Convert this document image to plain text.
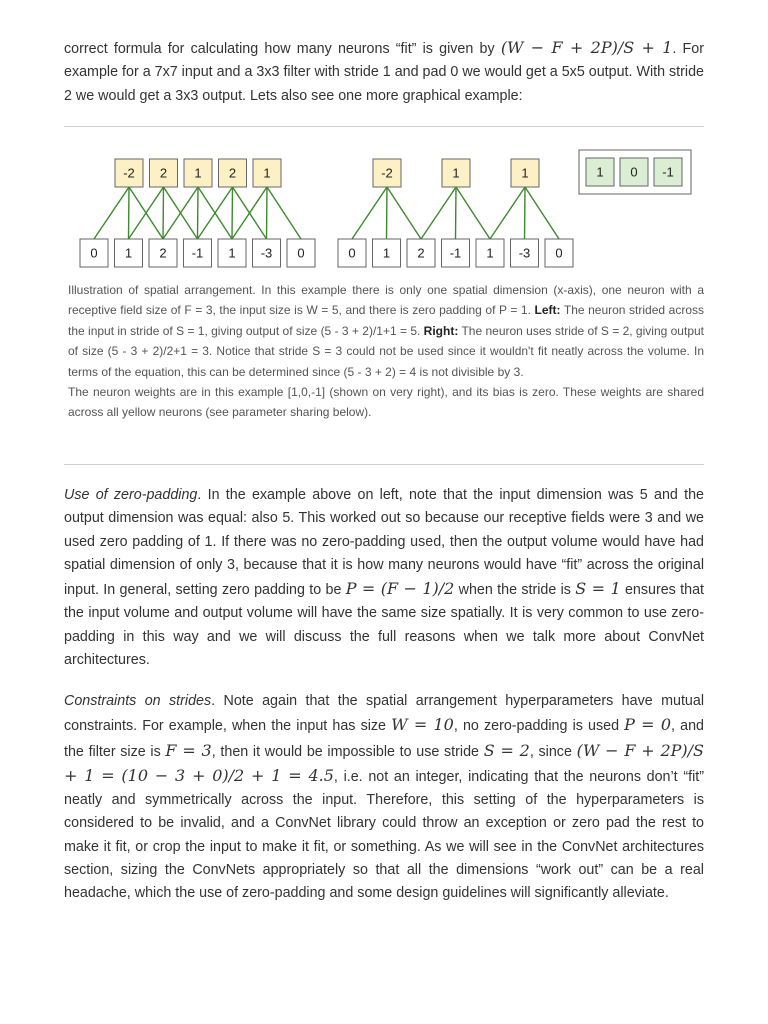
correct formula for calculating how many neurons “fit” is given by (W − F + 2P)/S + 1. For example for a 7x7 input and a 3x3 filter with stride 1 and pad 0 we would get a 5x5 output. With stride 2 we would get a 3x3 output. Lets also see one more graphical example:

0 1 2 -1 1 -3 0
-2 2 1 2 1
0 1 2 -1 1 -3 0
-2	1	1	1 0 -1

Illustration of spatial arrangement. In this example there is only one spatial dimension (x-axis), one neuron with a receptive field size of F = 3, the input size is W = 5, and there is zero padding of P = 1. Left: The neuron strided across the input in stride of S = 1, giving output of size (5 - 3 + 2)/1+1 = 5. Right: The neuron uses stride of S = 2, giving output of size (5 - 3 + 2)/2+1 = 3. Notice that stride S = 3 could not be used since it wouldn't fit neatly across the volume. In terms of the equation, this can be determined since (5 - 3 + 2) = 4 is not divisible by 3.

The neuron weights are in this example [1,0,-1] (shown on very right), and its bias is zero. These weights are shared across all yellow neurons (see parameter sharing below).

Use of zero-padding. In the example above on left, note that the input dimension was 5 and the output dimension was equal: also 5. This worked out so because our receptive fields were 3 and we used zero padding of 1. If there was no zero-padding used, then the output volume would have had spatial dimension of only 3, because that it is how many neurons would have “fit” across the original input. In general, setting zero padding to be P = (F − 1)/2 when the stride is S = 1 ensures that the input volume and output volume will have the same size spatially. It is very common to use zero-padding in this way and we will discuss the full reasons when we talk more about ConvNet architectures.

Constraints on strides. Note again that the spatial arrangement hyperparameters have mutual constraints. For example, when the input has size W = 10, no zero-padding is used P = 0, and the filter size is F = 3, then it would be impossible to use stride S = 2, since (W − F + 2P)/S + 1 = (10 − 3 + 0)/2 + 1 = 4.5, i.e. not an integer, indicating that the neurons don’t “fit” neatly and symmetrically across the input. Therefore, this setting of the hyperparameters is considered to be invalid, and a ConvNet library could throw an exception or zero pad the rest to make it fit, or crop the input to make it fit, or something. As we will see in the ConvNet architectures section, sizing the ConvNets appropriately so that all the dimensions “work out” can be a real headache, which the use of zero-padding and some design guidelines will significantly alleviate.
